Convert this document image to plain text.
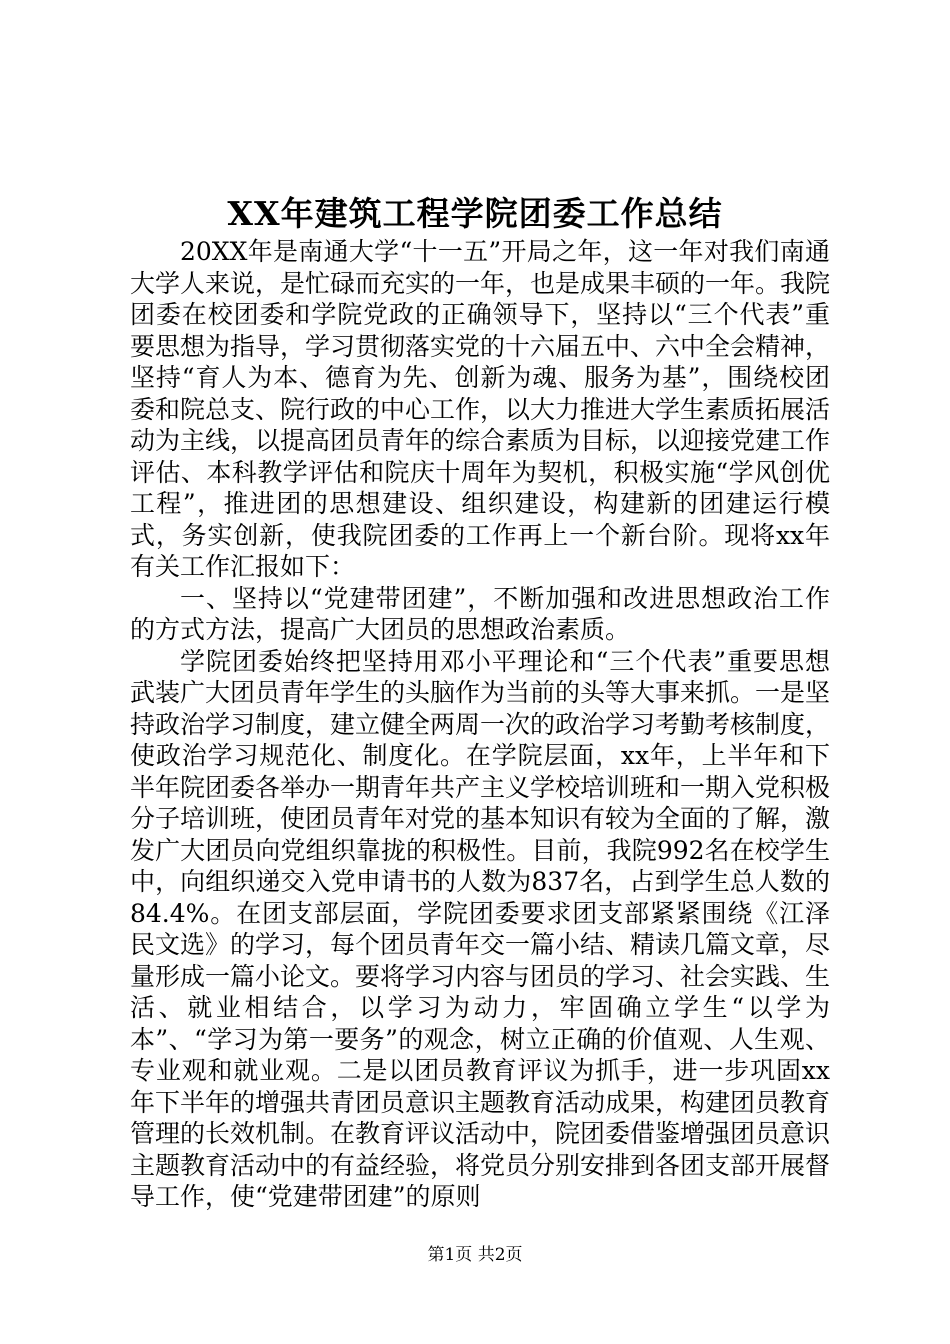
XX年建筑工程学院团委工作总结

20XX年是南通大学“十一五”开局之年，这一年对我们南通大学人来说，是忙碌而充实的一年，也是成果丰硕的一年。我院团委在校团委和学院党政的正确领导下，坚持以“三个代表”重要思想为指导，学习贯彻落实党的十六届五中、六中全会精神，坚持“育人为本、德育为先、创新为魂、服务为基”，围绕校团委和院总支、院行政的中心工作，以大力推进大学生素质拓展活动为主线，以提高团员青年的综合素质为目标，以迎接党建工作评估、本科教学评估和院庆十周年为契机，积极实施“学风创优工程”，推进团的思想建设、组织建设，构建新的团建运行模式，务实创新，使我院团委的工作再上一个新台阶。现将xx年有关工作汇报如下：

一、坚持以“党建带团建”，不断加强和改进思想政治工作的方式方法，提高广大团员的思想政治素质。

学院团委始终把坚持用邓小平理论和“三个代表”重要思想武装广大团员青年学生的头脑作为当前的头等大事来抓。一是坚持政治学习制度，建立健全两周一次的政治学习考勤考核制度，使政治学习规范化、制度化。在学院层面，xx年，上半年和下半年院团委各举办一期青年共产主义学校培训班和一期入党积极分子培训班，使团员青年对党的基本知识有较为全面的了解，激发广大团员向党组织靠拢的积极性。目前，我院992名在校学生中，向组织递交入党申请书的人数为837名，占到学生总人数的84.4%。在团支部层面，学院团委要求团支部紧紧围绕《江泽民文选》的学习，每个团员青年交一篇小结、精读几篇文章，尽量形成一篇小论文。要将学习内容与团员的学习、社会实践、生活、就业相结合，以学习为动力，牢固确立学生“以学为本”、“学习为第一要务”的观念，树立正确的价值观、人生观、专业观和就业观。二是以团员教育评议为抓手，进一步巩固xx年下半年的增强共青团员意识主题教育活动成果，构建团员教育管理的长效机制。在教育评议活动中，院团委借鉴增强团员意识主题教育活动中的有益经验，将党员分别安排到各团支部开展督导工作，使“党建带团建”的原则

第1页 共2页
